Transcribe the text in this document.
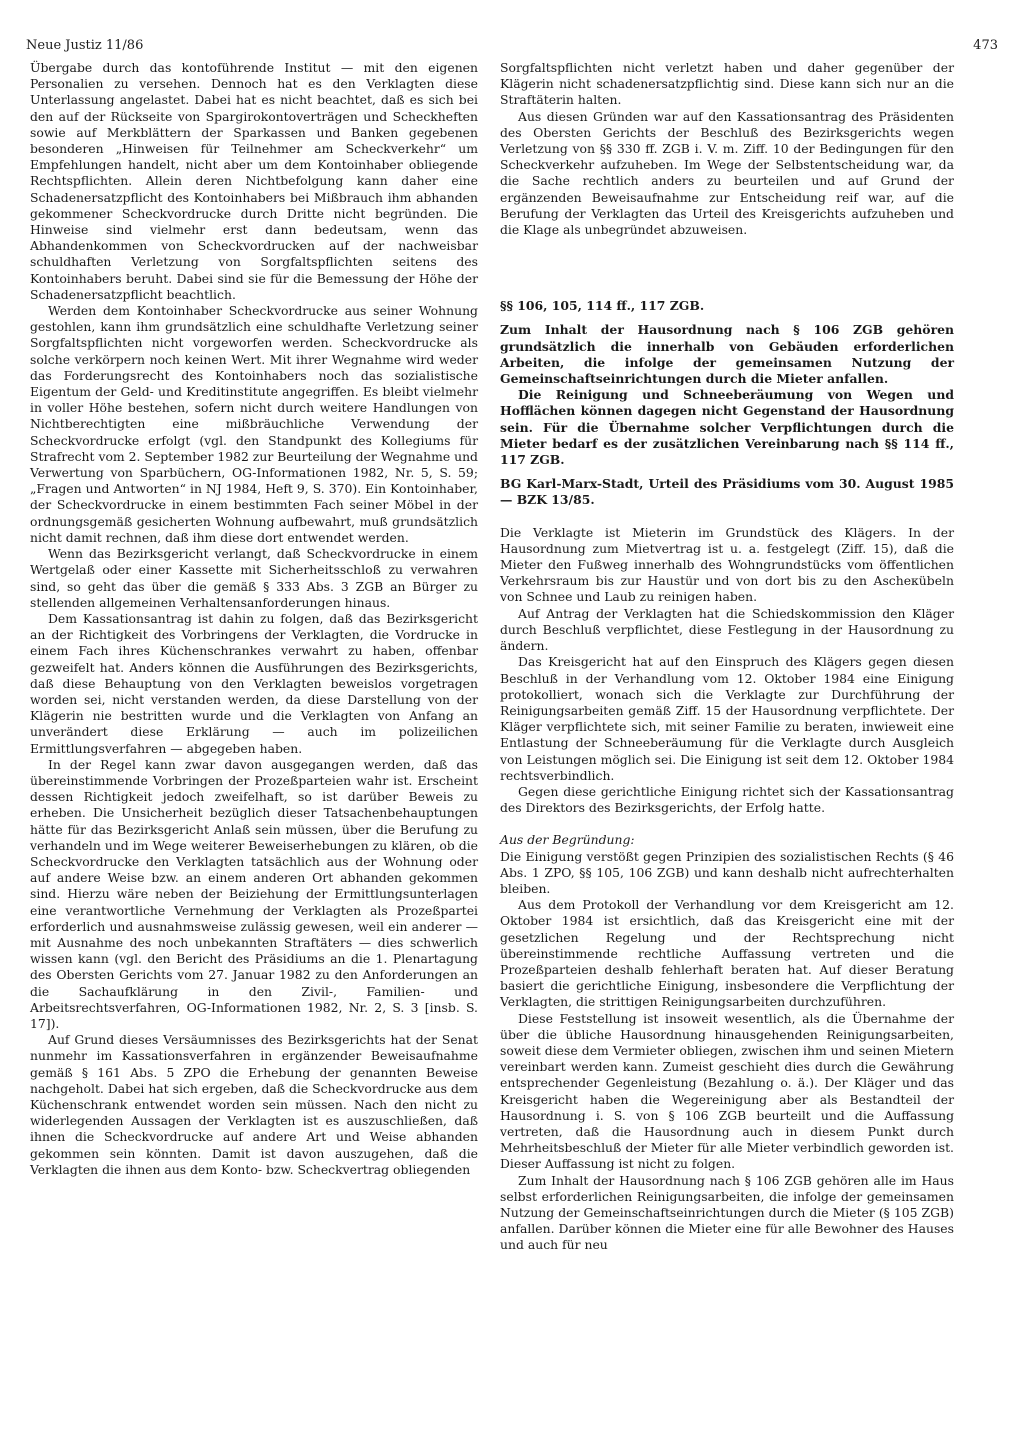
Neue Justiz 11/86	473

Übergabe durch das kontoführende Institut — mit den eigenen Personalien zu versehen. Dennoch hat es den Verklagten diese Unterlassung angelastet. Dabei hat es nicht beachtet, daß es sich bei den auf der Rückseite von Spargirokontoverträgen und Scheckheften sowie auf Merkblättern der Sparkassen und Banken gegebenen besonderen „Hinweisen für Teilnehmer am Scheckverkehr“ um Empfehlungen handelt, nicht aber um dem Kontoinhaber obliegende Rechtspflichten. Allein deren Nichtbefolgung kann daher eine Schadenersatzpflicht des Kontoinhabers bei Mißbrauch ihm abhanden gekommener Scheckvordrucke durch Dritte nicht begründen. Die Hinweise sind vielmehr erst dann bedeutsam, wenn das Abhandenkommen von Scheckvordrucken auf der nachweisbar schuldhaften Verletzung von Sorgfaltspflichten seitens des Kontoinhabers beruht. Dabei sind sie für die Bemessung der Höhe der Schadenersatzpflicht beachtlich.

Werden dem Kontoinhaber Scheckvordrucke aus seiner Wohnung gestohlen, kann ihm grundsätzlich eine schuldhafte Verletzung seiner Sorgfaltspflichten nicht vorgeworfen werden. Scheckvordrucke als solche verkörpern noch keinen Wert. Mit ihrer Wegnahme wird weder das Forderungsrecht des Kontoinhabers noch das sozialistische Eigentum der Geld- und Kreditinstitute angegriffen. Es bleibt vielmehr in voller Höhe bestehen, sofern nicht durch weitere Handlungen von Nichtberechtigten eine mißbräuchliche Verwendung der Scheckvordrucke erfolgt (vgl. den Standpunkt des Kollegiums für Strafrecht vom 2. September 1982 zur Beurteilung der Wegnahme und Verwertung von Sparbüchern, OG-Informationen 1982, Nr. 5, S. 59; „Fragen und Antworten“ in NJ 1984, Heft 9, S. 370). Ein Kontoinhaber, der Scheckvordrucke in einem bestimmten Fach seiner Möbel in der ordnungsgemäß gesicherten Wohnung aufbewahrt, muß grundsätzlich nicht damit rechnen, daß ihm diese dort entwendet werden.

Wenn das Bezirksgericht verlangt, daß Scheckvordrucke in einem Wertgelaß oder einer Kassette mit Sicherheitsschloß zu verwahren sind, so geht das über die gemäß § 333 Abs. 3 ZGB an Bürger zu stellenden allgemeinen Verhaltensanforderungen hinaus.

Dem Kassationsantrag ist dahin zu folgen, daß das Bezirksgericht an der Richtigkeit des Vorbringens der Verklagten, die Vordrucke in einem Fach ihres Küchenschrankes verwahrt zu haben, offenbar gezweifelt hat. Anders können die Ausführungen des Bezirksgerichts, daß diese Behauptung von den Verklagten beweislos vorgetragen worden sei, nicht verstanden werden, da diese Darstellung von der Klägerin nie bestritten wurde und die Verklagten von Anfang an unverändert diese Erklärung — auch im polizeilichen Ermittlungsverfahren — abgegeben haben.

In der Regel kann zwar davon ausgegangen werden, daß das übereinstimmende Vorbringen der Prozeßparteien wahr ist. Erscheint dessen Richtigkeit jedoch zweifelhaft, so ist darüber Beweis zu erheben. Die Unsicherheit bezüglich dieser Tatsachenbehauptungen hätte für das Bezirksgericht Anlaß sein müssen, über die Berufung zu verhandeln und im Wege weiterer Beweiserhebungen zu klären, ob die Scheckvordrucke den Verklagten tatsächlich aus der Wohnung oder auf andere Weise bzw. an einem anderen Ort abhanden gekommen sind. Hierzu wäre neben der Beiziehung der Ermittlungsunterlagen eine verantwortliche Vernehmung der Verklagten als Prozeßpartei erforderlich und ausnahmsweise zulässig gewesen, weil ein anderer — mit Ausnahme des noch unbekannten Straftäters — dies schwerlich wissen kann (vgl. den Bericht des Präsidiums an die 1. Plenartagung des Obersten Gerichts vom 27. Januar 1982 zu den Anforderungen an die Sachaufklärung in den Zivil-, Familien- und Arbeitsrechtsverfahren, OG-Informationen 1982, Nr. 2, S. 3 [insb. S. 17]).

Auf Grund dieses Versäumnisses des Bezirksgerichts hat der Senat nunmehr im Kassationsverfahren in ergänzender Beweisaufnahme gemäß § 161 Abs. 5 ZPO die Erhebung der genannten Beweise nachgeholt. Dabei hat sich ergeben, daß die Scheckvordrucke aus dem Küchenschrank entwendet worden sein müssen. Nach den nicht zu widerlegenden Aussagen der Verklagten ist es auszuschließen, daß ihnen die Scheckvordrucke auf andere Art und Weise abhanden gekommen sein könnten. Damit ist davon auszugehen, daß die Verklagten die ihnen aus dem Konto- bzw. Scheckvertrag obliegenden

Sorgfaltspflichten nicht verletzt haben und daher gegenüber der Klägerin nicht schadenersatzpflichtig sind. Diese kann sich nur an die Straftäterin halten.

Aus diesen Gründen war auf den Kassationsantrag des Präsidenten des Obersten Gerichts der Beschluß des Bezirksgerichts wegen Verletzung von §§ 330 ff. ZGB i. V. m. Ziff. 10 der Bedingungen für den Scheckverkehr aufzuheben. Im Wege der Selbstentscheidung war, da die Sache rechtlich anders zu beurteilen und auf Grund der ergänzenden Beweisaufnahme zur Entscheidung reif war, auf die Berufung der Verklagten das Urteil des Kreisgerichts aufzuheben und die Klage als unbegründet abzuweisen.

§§ 106, 105, 114 ff., 117 ZGB.

Zum Inhalt der Hausordnung nach § 106 ZGB gehören grundsätzlich die innerhalb von Gebäuden erforderlichen Arbeiten, die infolge der gemeinsamen Nutzung der Gemeinschaftseinrichtungen durch die Mieter anfallen.

Die Reinigung und Schneeberäumung von Wegen und Hofflächen können dagegen nicht Gegenstand der Hausordnung sein. Für die Übernahme solcher Verpflichtungen durch die Mieter bedarf es der zusätzlichen Vereinbarung nach §§ 114 ff., 117 ZGB.

BG Karl-Marx-Stadt, Urteil des Präsidiums vom 30. August 1985 — BZK 13/85.

Die Verklagte ist Mieterin im Grundstück des Klägers. In der Hausordnung zum Mietvertrag ist u. a. festgelegt (Ziff. 15), daß die Mieter den Fußweg innerhalb des Wohngrundstücks vom öffentlichen Verkehrsraum bis zur Haustür und von dort bis zu den Ascheкübeln von Schnee und Laub zu reinigen haben.

Auf Antrag der Verklagten hat die Schiedskommission den Kläger durch Beschluß verpflichtet, diese Festlegung in der Hausordnung zu ändern.

Das Kreisgericht hat auf den Einspruch des Klägers gegen diesen Beschluß in der Verhandlung vom 12. Oktober 1984 eine Einigung protokolliert, wonach sich die Verklagte zur Durchführung der Reinigungsarbeiten gemäß Ziff. 15 der Hausordnung verpflichtete. Der Kläger verpflichtete sich, mit seiner Familie zu beraten, inwieweit eine Entlastung der Schneeberäumung für die Verklagte durch Ausgleich von Leistungen möglich sei. Die Einigung ist seit dem 12. Oktober 1984 rechtsverbindlich.

Gegen diese gerichtliche Einigung richtet sich der Kassationsantrag des Direktors des Bezirksgerichts, der Erfolg hatte.

Aus der Begründung:

Die Einigung verstößt gegen Prinzipien des sozialistischen Rechts (§ 46 Abs. 1 ZPO, §§ 105, 106 ZGB) und kann deshalb nicht aufrechterhalten bleiben.

Aus dem Protokoll der Verhandlung vor dem Kreisgericht am 12. Oktober 1984 ist ersichtlich, daß das Kreisgericht eine mit der gesetzlichen Regelung und der Rechtsprechung nicht übereinstimmende rechtliche Auffassung vertreten und die Prozeßparteien deshalb fehlerhaft beraten hat. Auf dieser Beratung basiert die gerichtliche Einigung, insbesondere die Verpflichtung der Verklagten, die strittigen Reinigungsarbeiten durchzuführen.

Diese Feststellung ist insoweit wesentlich, als die Übernahme der über die übliche Hausordnung hinausgehenden Reinigungsarbeiten, soweit diese dem Vermieter obliegen, zwischen ihm und seinen Mietern vereinbart werden kann. Zumeist geschieht dies durch die Gewährung entsprechender Gegenleistung (Bezahlung o. ä.). Der Kläger und das Kreisgericht haben die Wegereinigung aber als Bestandteil der Hausordnung i. S. von § 106 ZGB beurteilt und die Auffassung vertreten, daß die Hausordnung auch in diesem Punkt durch Mehrheitsbeschluß der Mieter für alle Mieter verbindlich geworden ist. Dieser Auffassung ist nicht zu folgen.

Zum Inhalt der Hausordnung nach § 106 ZGB gehören alle im Haus selbst erforderlichen Reinigungsarbeiten, die infolge der gemeinsamen Nutzung der Gemeinschaftseinrichtungen durch die Mieter (§ 105 ZGB) anfallen. Darüber können die Mieter eine für alle Bewohner des Hauses und auch für neu
